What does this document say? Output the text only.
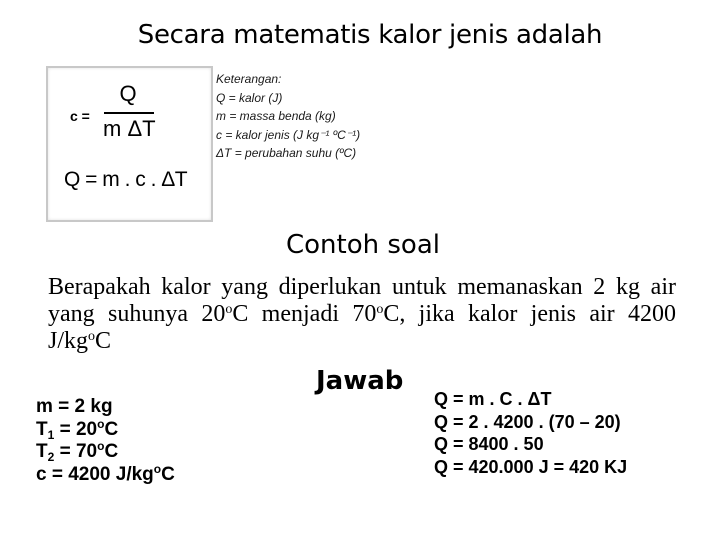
Secara matematis kalor jenis adalah
c =
Q
m ΔT
Q = m . c . ΔT
Keterangan:
Q = kalor (J)
m = massa benda (kg)
c = kalor jenis (J kg⁻¹ ºC⁻¹)
ΔT = perubahan suhu (ºC)
Contoh soal
Berapakah kalor yang diperlukan untuk memanaskan 2 kg air yang suhunya 20$^o$C menjadi 70$^o$C, jika kalor jenis air 4200 $J/kg^oC$
Jawab
m = 2 kg
$T_1 = 20^oC$
$T_2 = 70^oC$
c = 4200 $J/kg^oC$
Q = m . C . ΔT
Q = 2 . 4200 . (70 – 20)
Q = 8400 . 50
Q = 420.000 J = 420 KJ
